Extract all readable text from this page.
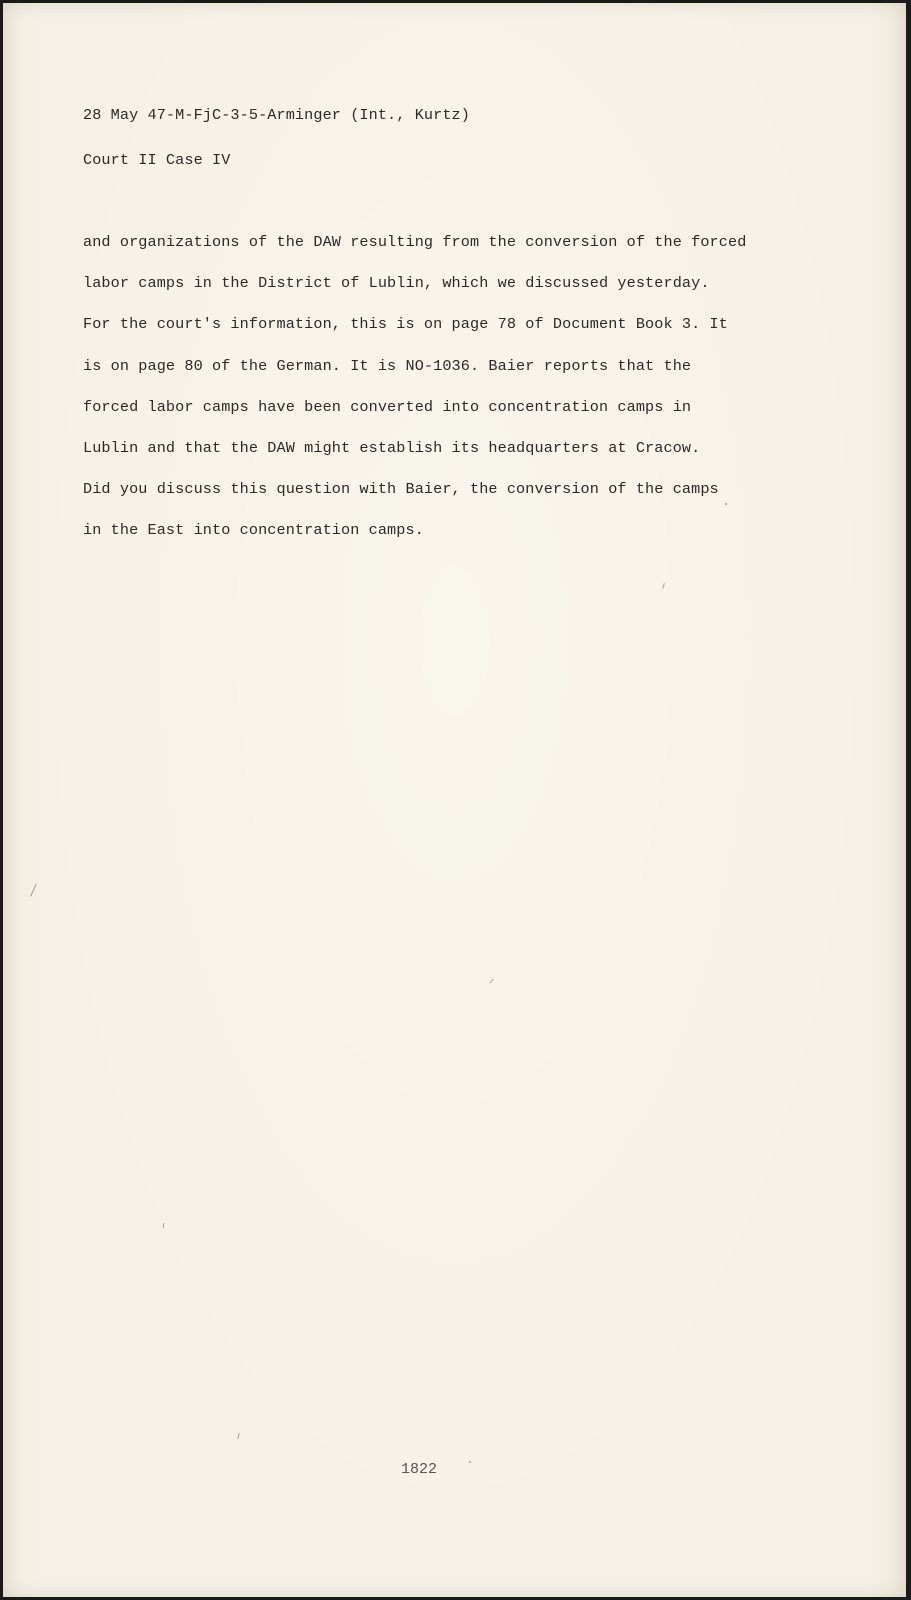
28 May 47-M-FjC-3-5-Arminger (Int., Kurtz)
Court II Case IV
and organizations of the DAW resulting from the conversion of the forced
labor camps in the District of Lublin, which we discussed yesterday.
For the court's information, this is on page 78 of Document Book 3. It
is on page 80 of the German. It is NO-1036. Baier reports that the
forced labor camps have been converted into concentration camps in
Lublin and that the DAW might establish its headquarters at Cracow.
Did you discuss this question with Baier, the conversion of the camps
in the East into concentration camps.
1822
